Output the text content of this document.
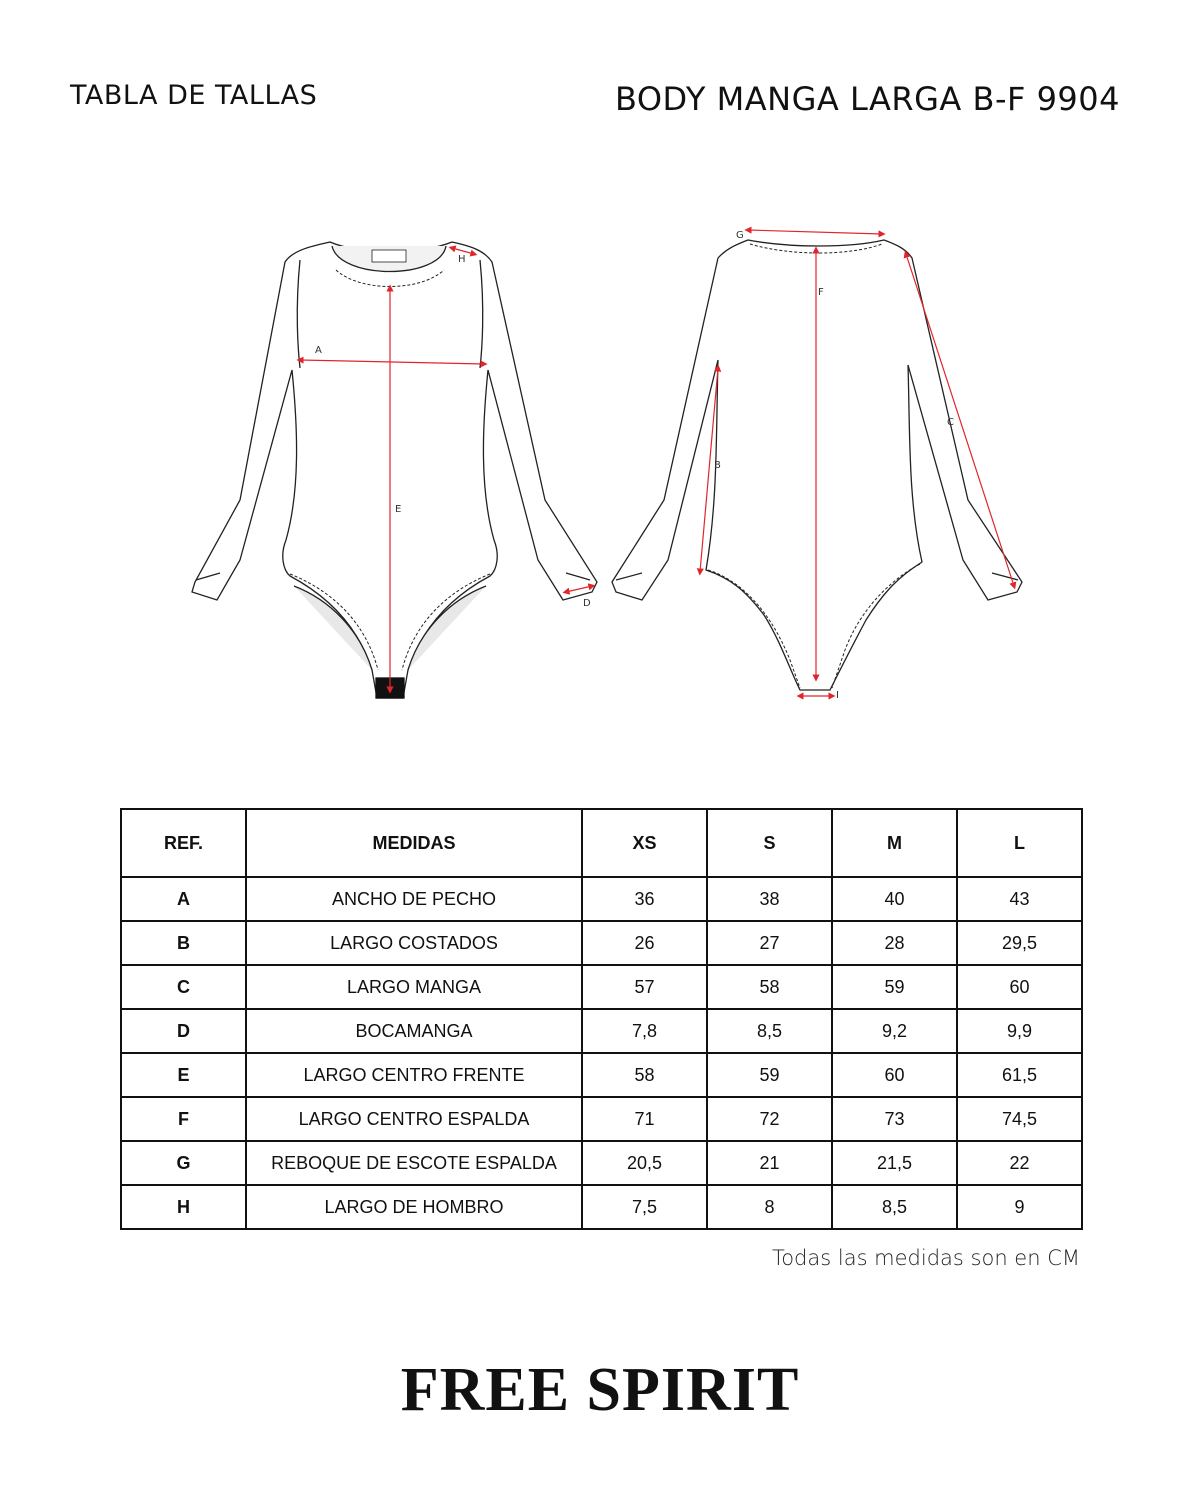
TABLA DE TALLAS	BODY MANGA LARGA B-F 9904
A
E
H
D
G
F
B
C
I
REF.	MEDIDAS	XS	S	M	L
A	ANCHO DE PECHO	36	38	40	43
B	LARGO COSTADOS	26	27	28	29,5
C	LARGO MANGA	57	58	59	60
D	BOCAMANGA	7,8	8,5	9,2	9,9
E	LARGO CENTRO FRENTE	58	59	60	61,5
F	LARGO CENTRO ESPALDA	71	72	73	74,5
G	REBOQUE DE ESCOTE ESPALDA	20,5	21	21,5	22
H	LARGO DE HOMBRO	7,5	8	8,5	9
Todas las medidas son en CM
FREE SPIRIT
